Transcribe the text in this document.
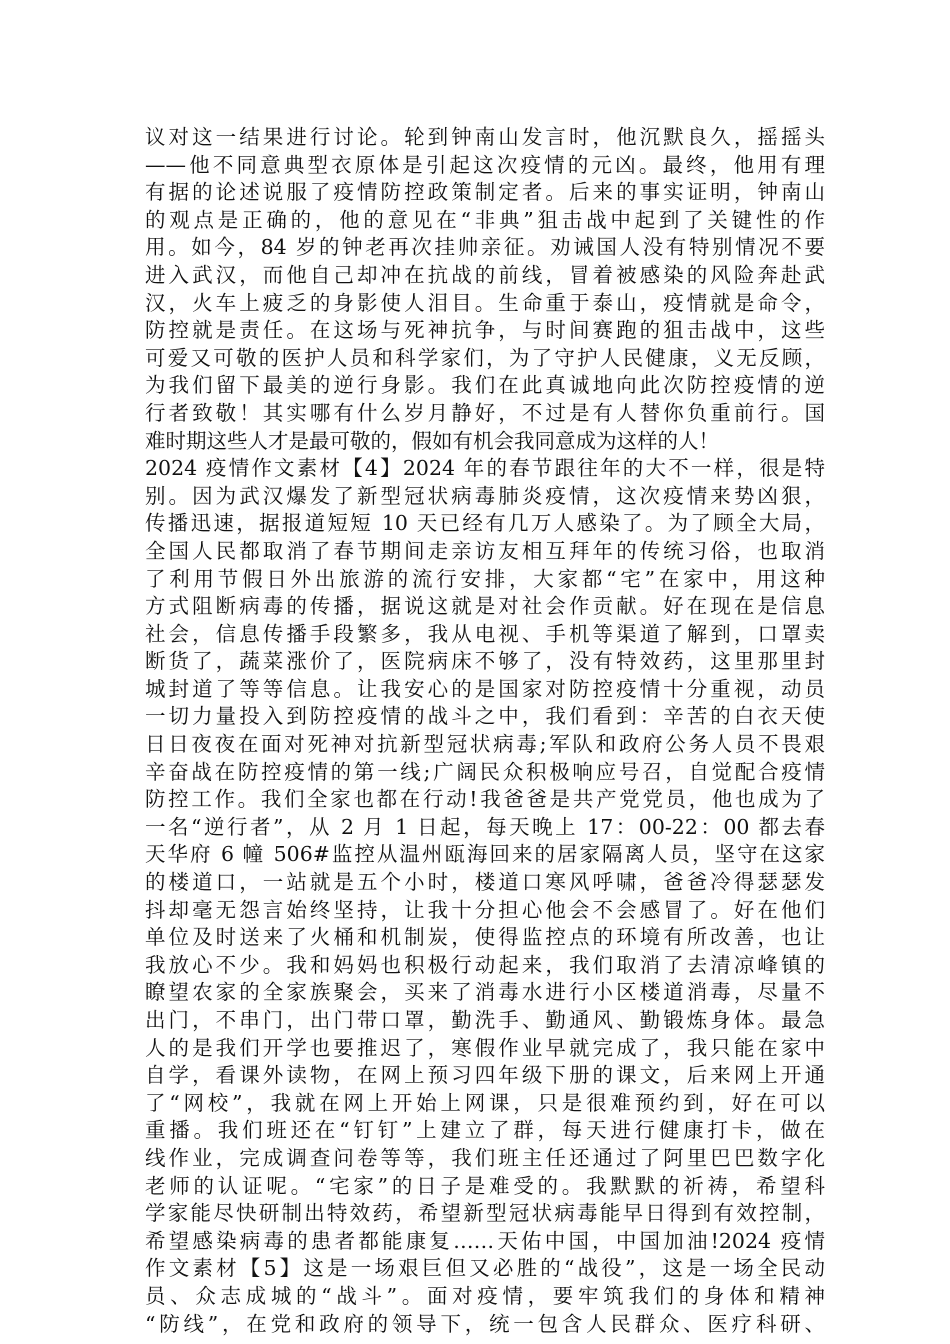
议对这一结果进行讨论。轮到钟南山发言时，他沉默良久，摇摇头
——他不同意典型衣原体是引起这次疫情的元凶。最终，他用有理
有据的论述说服了疫情防控政策制定者。后来的事实证明，钟南山
的观点是正确的，他的意见在“非典”狙击战中起到了关键性的作
用。如今，84 岁的钟老再次挂帅亲征。劝诫国人没有特别情况不要
进入武汉，而他自己却冲在抗战的前线，冒着被感染的风险奔赴武
汉，火车上疲乏的身影使人泪目。生命重于泰山，疫情就是命令，
防控就是责任。在这场与死神抗争，与时间赛跑的狙击战中，这些
可爱又可敬的医护人员和科学家们，为了守护人民健康，义无反顾，
为我们留下最美的逆行身影。我们在此真诚地向此次防控疫情的逆
行者致敬！其实哪有什么岁月静好，不过是有人替你负重前行。国
难时期这些人才是最可敬的，假如有机会我同意成为这样的人！
2024 疫情作文素材【4】2024 年的春节跟往年的大不一样，很是特
别。因为武汉爆发了新型冠状病毒肺炎疫情，这次疫情来势凶狠，
传播迅速，据报道短短 10 天已经有几万人感染了。为了顾全大局，
全国人民都取消了春节期间走亲访友相互拜年的传统习俗，也取消
了利用节假日外出旅游的流行安排，大家都“宅”在家中，用这种
方式阻断病毒的传播，据说这就是对社会作贡献。好在现在是信息
社会，信息传播手段繁多，我从电视、手机等渠道了解到，口罩卖
断货了，蔬菜涨价了，医院病床不够了，没有特效药，这里那里封
城封道了等等信息。让我安心的是国家对防控疫情十分重视，动员
一切力量投入到防控疫情的战斗之中，我们看到：辛苦的白衣天使
日日夜夜在面对死神对抗新型冠状病毒;军队和政府公务人员不畏艰
辛奋战在防控疫情的第一线;广阔民众积极响应号召，自觉配合疫情
防控工作。我们全家也都在行动!我爸爸是共产党党员，他也成为了
一名“逆行者”，从 2 月 1 日起，每天晚上 17：00-22：00 都去春
天华府 6 幢 506#监控从温州瓯海回来的居家隔离人员，坚守在这家
的楼道口，一站就是五个小时，楼道口寒风呼啸，爸爸冷得瑟瑟发
抖却毫无怨言始终坚持，让我十分担心他会不会感冒了。好在他们
单位及时送来了火桶和机制炭，使得监控点的环境有所改善，也让
我放心不少。我和妈妈也积极行动起来，我们取消了去清凉峰镇的
瞭望农家的全家族聚会，买来了消毒水进行小区楼道消毒，尽量不
出门，不串门，出门带口罩，勤洗手、勤通风、勤锻炼身体。最急
人的是我们开学也要推迟了，寒假作业早就完成了，我只能在家中
自学，看课外读物，在网上预习四年级下册的课文，后来网上开通
了“网校”，我就在网上开始上网课，只是很难预约到，好在可以
重播。我们班还在“钉钉”上建立了群，每天进行健康打卡，做在
线作业，完成调查问卷等等，我们班主任还通过了阿里巴巴数字化
老师的认证呢。“宅家”的日子是难受的。我默默的祈祷，希望科
学家能尽快研制出特效药，希望新型冠状病毒能早日得到有效控制，
希望感染病毒的患者都能康复……天佑中国，中国加油!2024 疫情
作文素材【5】这是一场艰巨但又必胜的“战役”，这是一场全民动
员、众志成城的“战斗”。面对疫情，要牢筑我们的身体和精神
“防线”，在党和政府的领导下，统一包含人民群众、医疗科研、
